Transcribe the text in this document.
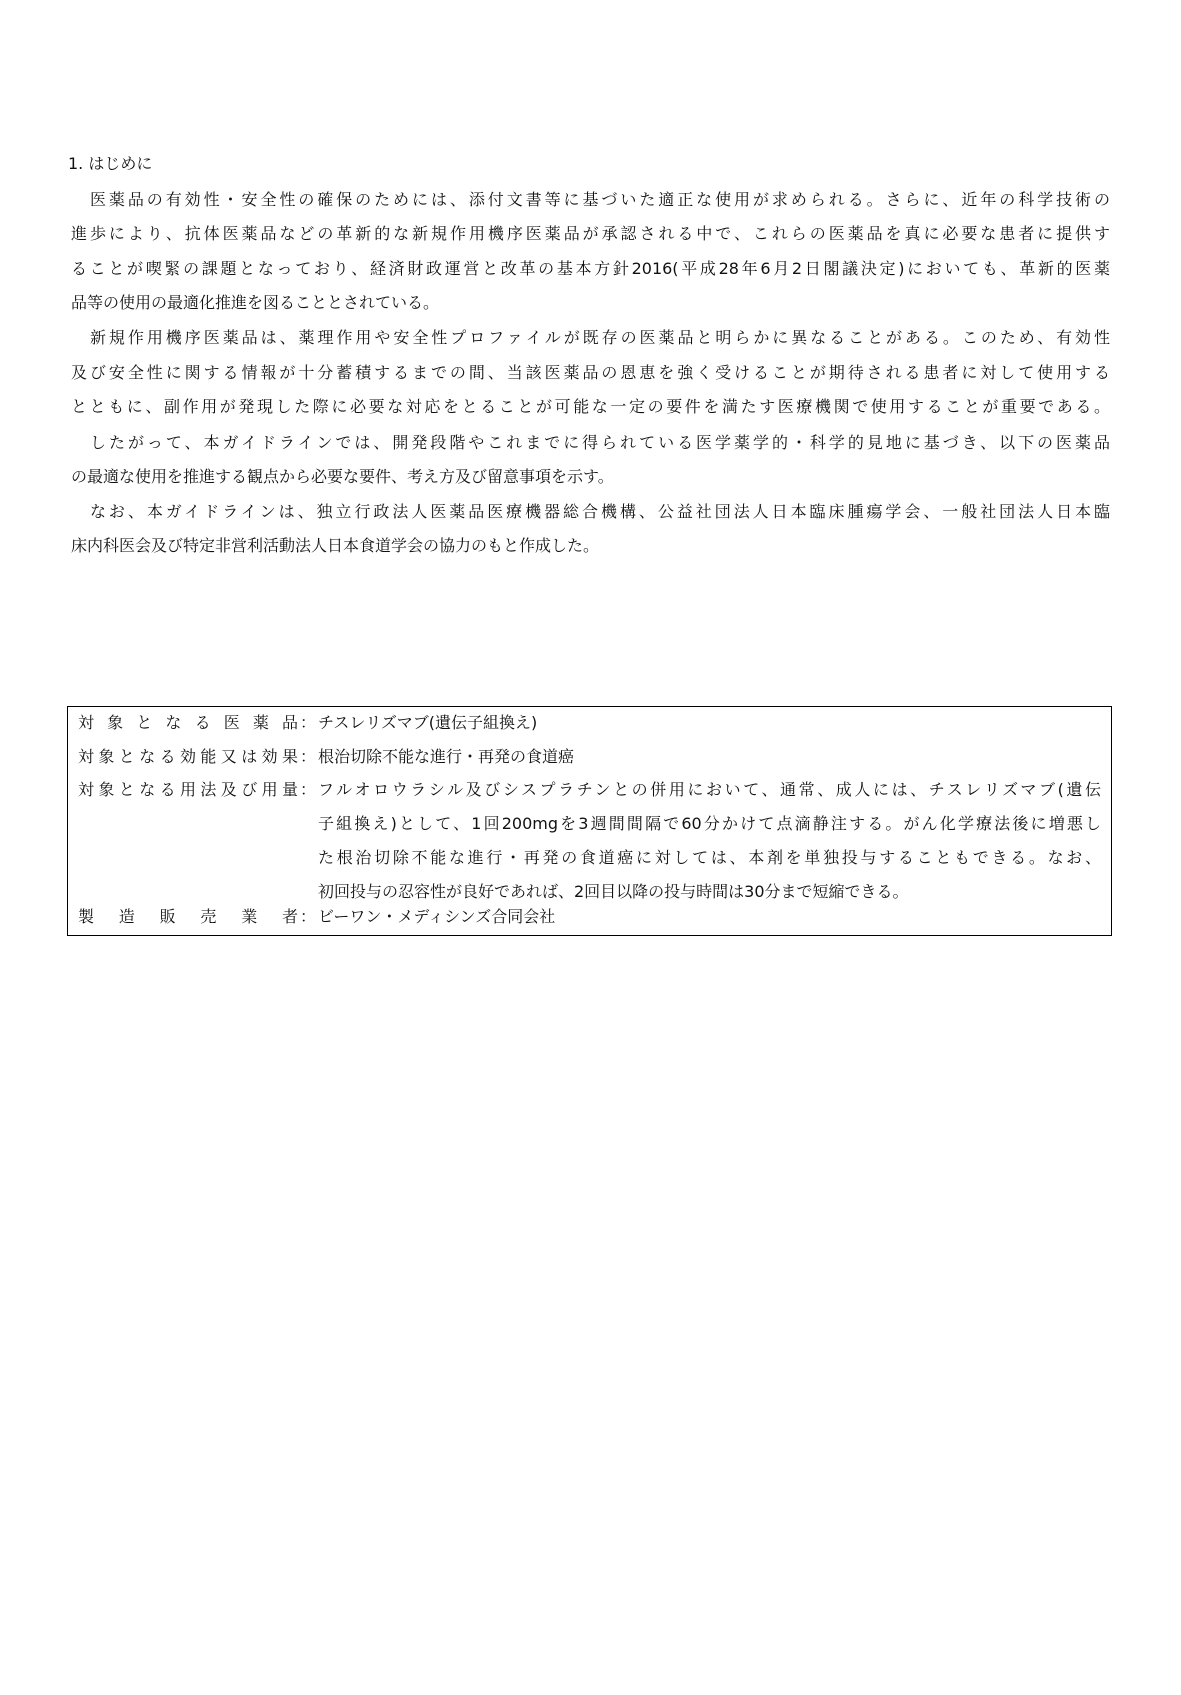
1. はじめに
　医薬品の有効性・安全性の確保のためには、添付文書等に基づいた適正な使用が求められる。さらに、近年の科学技術の
進歩により、抗体医薬品などの革新的な新規作用機序医薬品が承認される中で、これらの医薬品を真に必要な患者に提供す
ることが喫緊の課題となっており、経済財政運営と改革の基本方針2016(平成28年6月2日閣議決定)においても、革新的医薬
品等の使用の最適化推進を図ることとされている。
　新規作用機序医薬品は、薬理作用や安全性プロファイルが既存の医薬品と明らかに異なることがある。このため、有効性
及び安全性に関する情報が十分蓄積するまでの間、当該医薬品の恩恵を強く受けることが期待される患者に対して使用する
とともに、副作用が発現した際に必要な対応をとることが可能な一定の要件を満たす医療機関で使用することが重要である。
　したがって、本ガイドラインでは、開発段階やこれまでに得られている医学薬学的・科学的見地に基づき、以下の医薬品
の最適な使用を推進する観点から必要な要件、考え方及び留意事項を示す。
　なお、本ガイドラインは、独立行政法人医薬品医療機器総合機構、公益社団法人日本臨床腫瘍学会、一般社団法人日本臨
床内科医会及び特定非営利活動法人日本食道学会の協力のもと作成した。
対象となる医薬品 ： チスレリズマブ(遺伝子組換え)
対象となる効能又は効果 ： 根治切除不能な進行・再発の食道癌
対象となる用法及び用量 ： フルオロウラシル及びシスプラチンとの併用において、通常、成人には、チスレリズマブ(遺伝
子組換え)として、1回200mgを3週間間隔で60分かけて点滴静注する。がん化学療法後に増悪し
た根治切除不能な進行・再発の食道癌に対しては、本剤を単独投与することもできる。なお、
初回投与の忍容性が良好であれば、2回目以降の投与時間は30分まで短縮できる。
製造販売業者 ： ビーワン・メディシンズ合同会社
